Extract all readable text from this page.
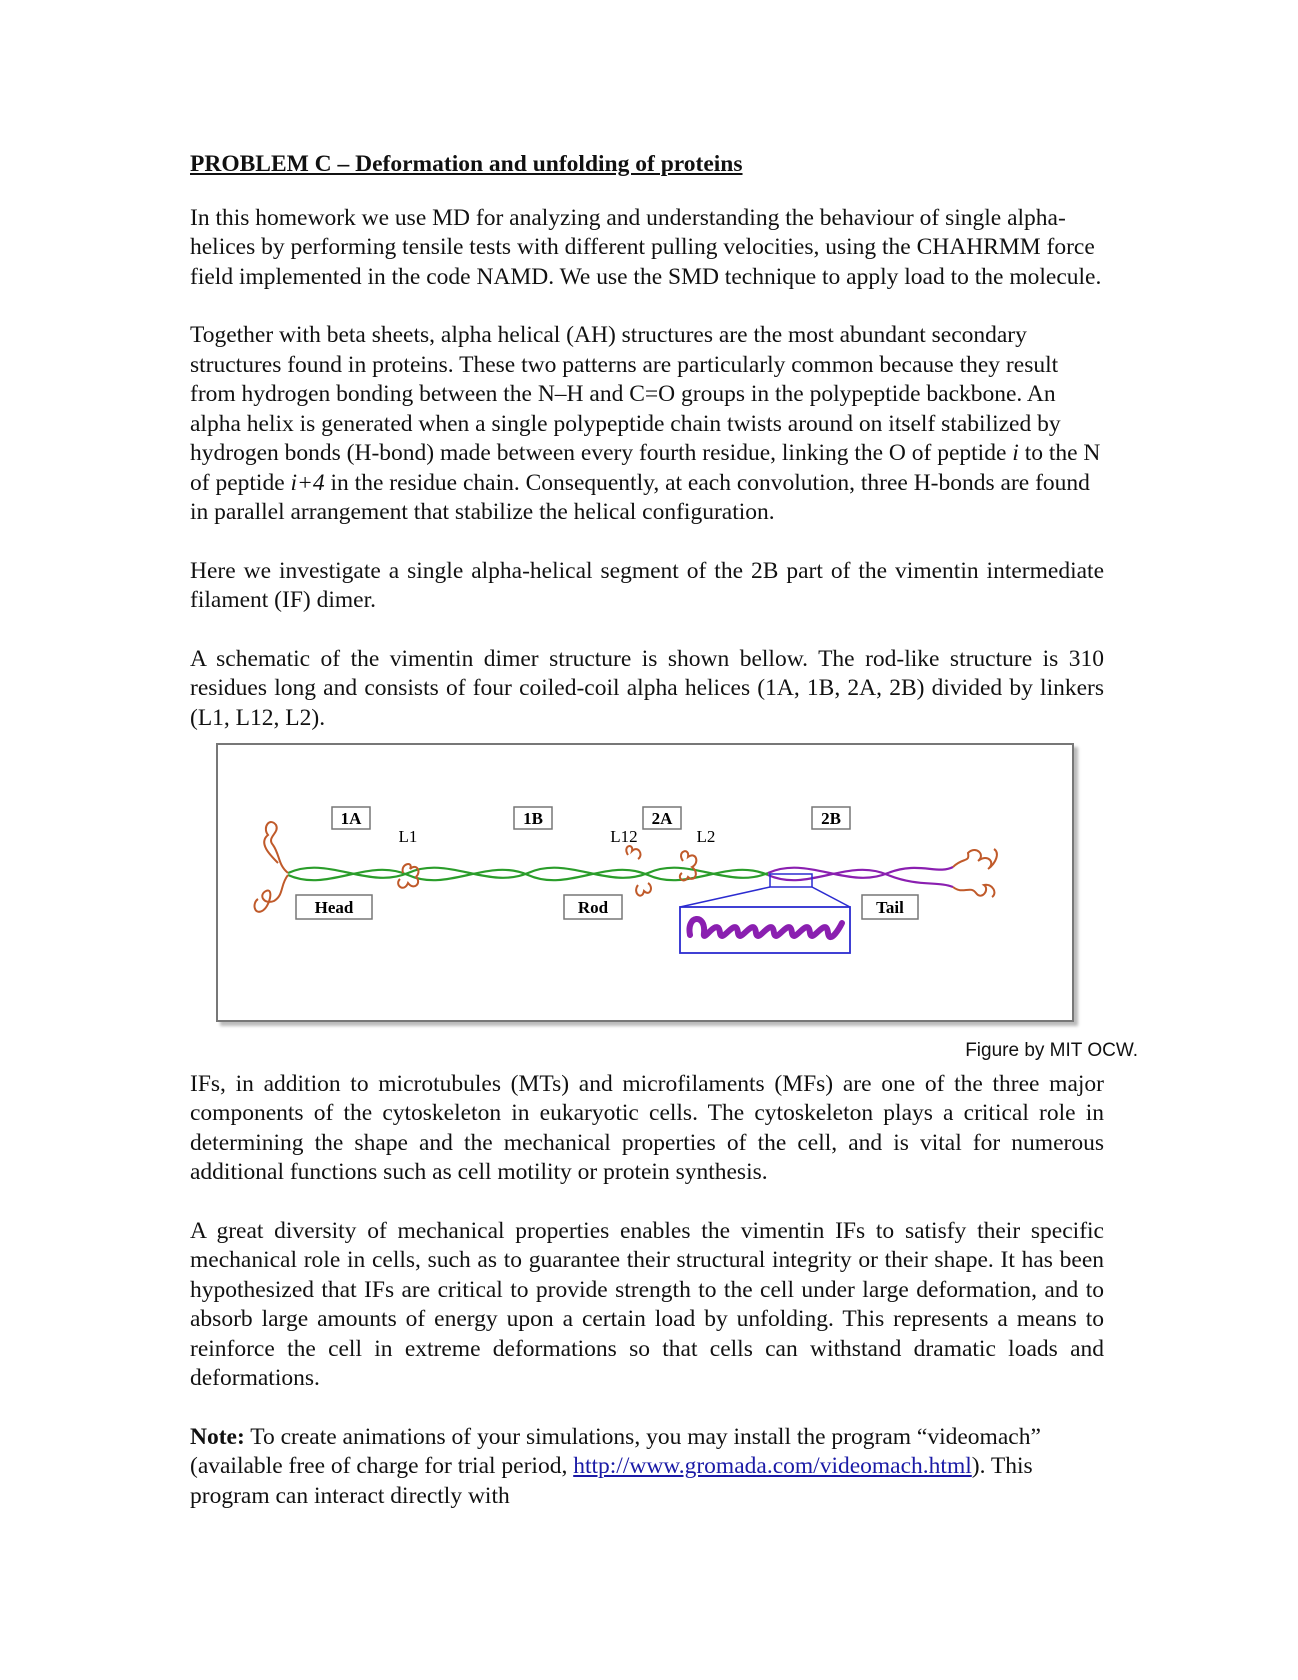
PROBLEM C – Deformation and unfolding of proteins
In this homework we use MD for analyzing and understanding the behaviour of single alpha-helices by performing tensile tests with different pulling velocities, using the CHAHRMM force field implemented in the code NAMD. We use the SMD technique to apply load to the molecule.
Together with beta sheets, alpha helical (AH) structures are the most abundant secondary structures found in proteins. These two patterns are particularly common because they result from hydrogen bonding between the N–H and C=O groups in the polypeptide backbone. An alpha helix is generated when a single polypeptide chain twists around on itself stabilized by hydrogen bonds (H-bond) made between every fourth residue, linking the O of peptide i to the N of peptide i+4 in the residue chain. Consequently, at each convolution, three H-bonds are found in parallel arrangement that stabilize the helical configuration.
Here we investigate a single alpha-helical segment of the 2B part of the vimentin intermediate filament (IF) dimer.
A schematic of the vimentin dimer structure is shown bellow. The rod-like structure is 310 residues long and consists of four coiled-coil alpha helices (1A, 1B, 2A, 2B) divided by linkers (L1, L12, L2).
1A	1B	2A	2B
L1	L12	L2
Head	Rod	Tail
Figure by MIT OCW.
IFs, in addition to microtubules (MTs) and microfilaments (MFs) are one of the three major components of the cytoskeleton in eukaryotic cells. The cytoskeleton plays a critical role in determining the shape and the mechanical properties of the cell, and is vital for numerous additional functions such as cell motility or protein synthesis.
A great diversity of mechanical properties enables the vimentin IFs to satisfy their specific mechanical role in cells, such as to guarantee their structural integrity or their shape. It has been hypothesized that IFs are critical to provide strength to the cell under large deformation, and to absorb large amounts of energy upon a certain load by unfolding. This represents a means to reinforce the cell in extreme deformations so that cells can withstand dramatic loads and deformations.
Note: To create animations of your simulations, you may install the program “videomach” (available free of charge for trial period, http://www.gromada.com/videomach.html). This program can interact directly with
